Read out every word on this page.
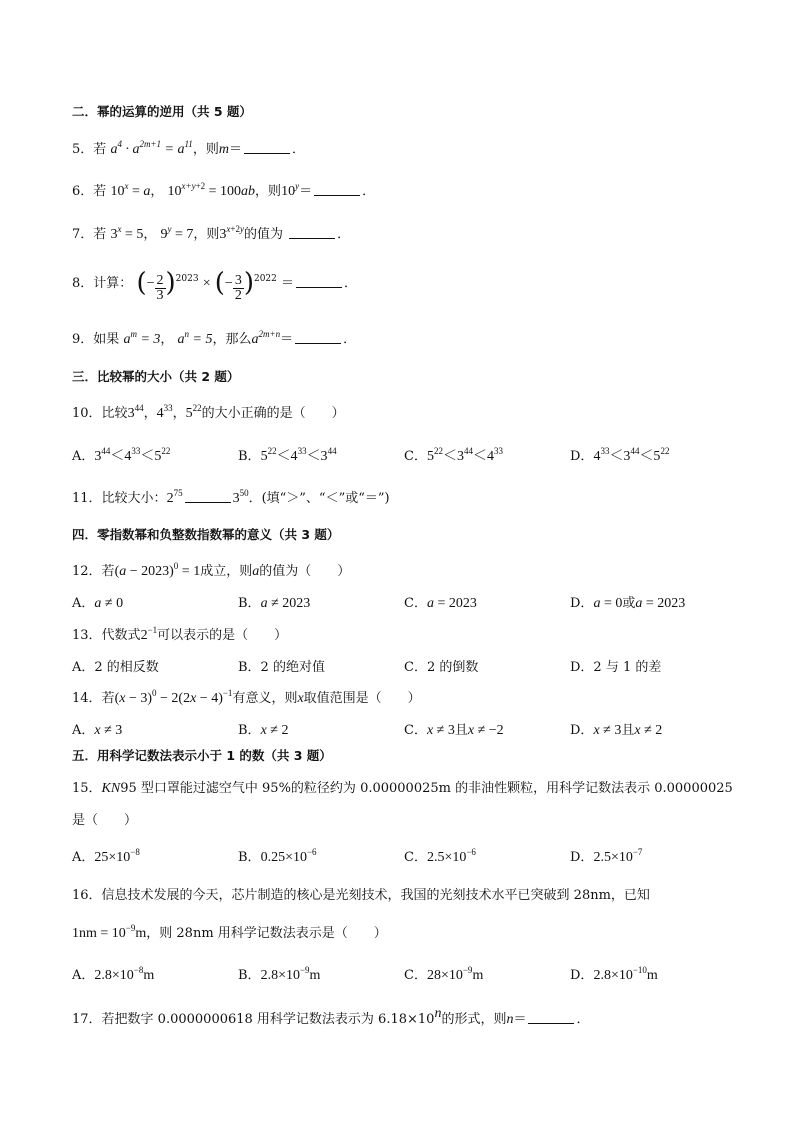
二．幂的运算的逆用（共 5 题）
5．若 $a^4 \cdot a^{2m+1} = a^{11}$，则m＝	．
6．若 $10^x = a$， $10^{x+y+2} = 100ab$，则$10^y=$	．
7．若 $3^x = 5$， $9^y = 7$，则$3^{x+2y}$的值为	．
8．计算： (− $\frac{2}{3} )^{2023}$ × (− $\frac{3}{2} )^{2022}$ ＝	．
9．如果 $a^m = 3$， $a^n = 5$，那么$a^{2m+n}=$	．
三．比较幂的大小（共 2 题）
10．比较$3^{44}$，$4^{33}$，$5^{22}$的大小正确的是（　　）
A．$3^{44}<4^{33}<5^{22}$	B．$5^{22}<4^{33}<3^{44}$	C．$5^{22}<3^{44}<4^{33}$	D．$4^{33}<3^{44}<5^{22}$
11．比较大小：$2^{75}$	$3^{50}$．(填“＞”、“＜”或“＝”)
四．零指数幂和负整数指数幂的意义（共 3 题）
12．若$(a - 2023)^0 = 1$成立，则a的值为（　　）
A．a ≠ 0	B．a ≠ 2023	C．a = 2023	D．a = 0或a = 2023
13．代数式$2^{-1}$可以表示的是（　　）
A．2 的相反数	B．2 的绝对值	C．2 的倒数	D．2 与 1 的差
14．若$(x - 3)^0 - 2(2x - 4)^{-1}$有意义，则x取值范围是（　　）
A．x ≠ 3	B．x ≠ 2	C．x ≠ 3且x ≠ −2	D．x ≠ 3且x ≠ 2
五．用科学记数法表示小于 1 的数（共 3 题）
15．KN95 型口罩能过滤空气中 95%的粒径约为 0.00000025m 的非油性颗粒，用科学记数法表示 0.00000025
是（　　）
A．$25\times 10^{-8}$	B．$0.25\times 10^{-6}$	C．$2.5\times 10^{-6}$	D．$2.5\times 10^{-7}$
16．信息技术发展的今天，芯片制造的核心是光刻技术，我国的光刻技术水平已突破到 28nm，已知
$1nm = 10^{-9}m$，则 28nm 用科学记数法表示是（　　）
A．$2.8\times 10^{-8}m$	B．$2.8\times 10^{-9}m$	C．$28\times 10^{-9}m$	D．$2.8\times 10^{-10}m$
17．若把数字 0.0000000618 用科学记数法表示为 $6.18\times 10^n$的形式，则n＝	．
